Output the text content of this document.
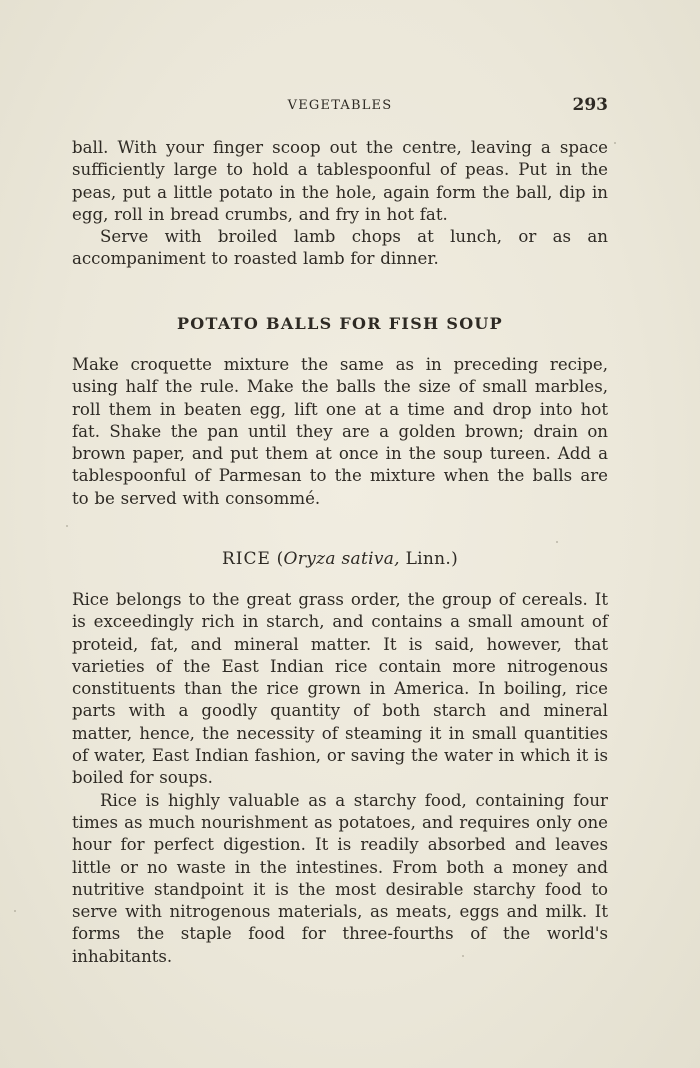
VEGETABLES	293

ball. With your finger scoop out the centre, leaving a space sufficiently large to hold a tablespoonful of peas. Put in the peas, put a little potato in the hole, again form the ball, dip in egg, roll in bread crumbs, and fry in hot fat.

Serve with broiled lamb chops at lunch, or as an accompaniment to roasted lamb for dinner.

POTATO BALLS FOR FISH SOUP

Make croquette mixture the same as in preceding recipe, using half the rule. Make the balls the size of small marbles, roll them in beaten egg, lift one at a time and drop into hot fat. Shake the pan until they are a golden brown; drain on brown paper, and put them at once in the soup tureen. Add a tablespoonful of Parmesan to the mixture when the balls are to be served with consommé.

RICE (Oryza sativa, Linn.)

Rice belongs to the great grass order, the group of cereals. It is exceedingly rich in starch, and contains a small amount of proteid, fat, and mineral matter. It is said, however, that varieties of the East Indian rice contain more nitrogenous constituents than the rice grown in America. In boiling, rice parts with a goodly quantity of both starch and mineral matter, hence, the necessity of steaming it in small quantities of water, East Indian fashion, or saving the water in which it is boiled for soups.

Rice is highly valuable as a starchy food, containing four times as much nourishment as potatoes, and requires only one hour for perfect digestion. It is readily absorbed and leaves little or no waste in the intestines. From both a money and nutritive standpoint it is the most desirable starchy food to serve with nitrogenous materials, as meats, eggs and milk. It forms the staple food for three-fourths of the world's inhabitants.
